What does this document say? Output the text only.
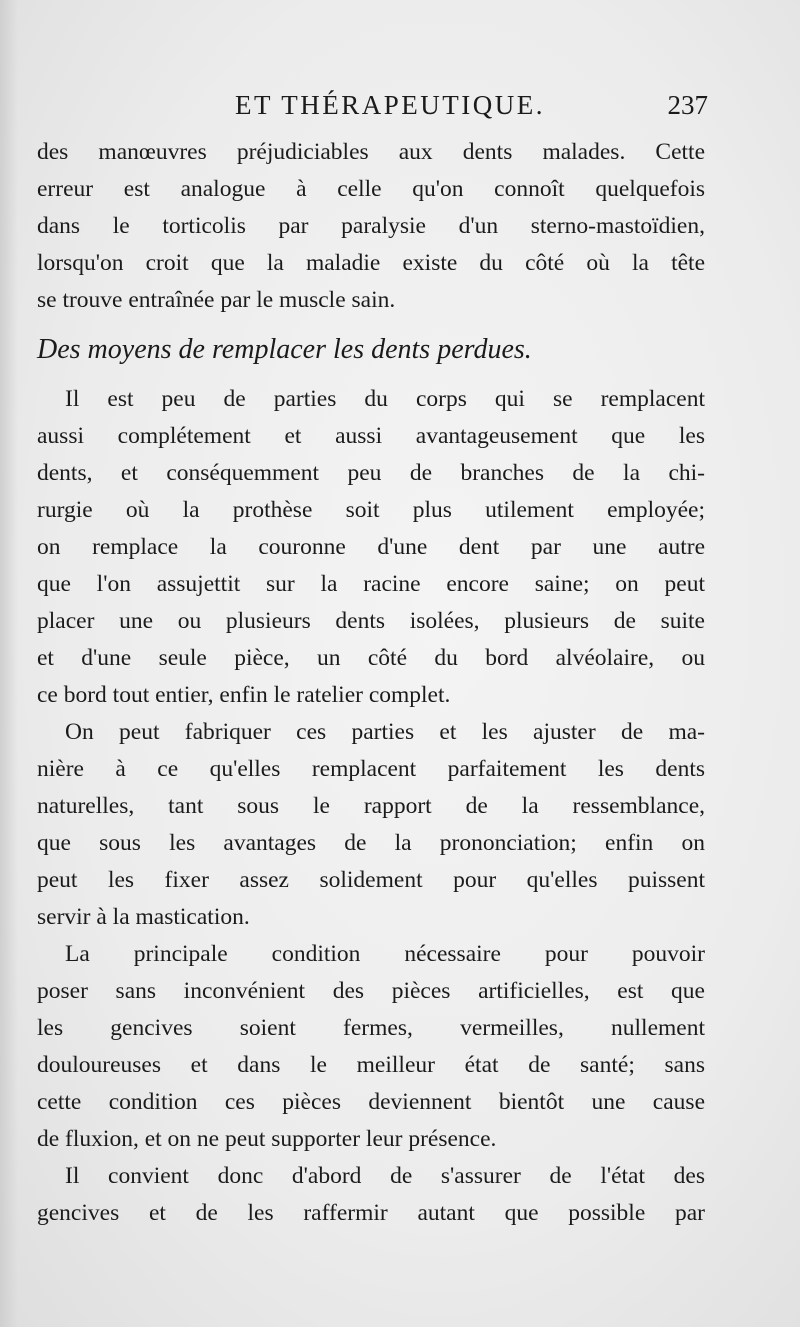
ET THÉRAPEUTIQUE.	237
des manœuvres préjudiciables aux dents malades. Cette
erreur est analogue à celle qu'on connoît quelquefois
dans le torticolis par paralysie d'un sterno-mastoïdien,
lorsqu'on croit que la maladie existe du côté où la tête
se trouve entraînée par le muscle sain.
Des moyens de remplacer les dents perdues.
Il est peu de parties du corps qui se remplacent
aussi complétement et aussi avantageusement que les
dents, et conséquemment peu de branches de la chi-
rurgie où la prothèse soit plus utilement employée;
on remplace la couronne d'une dent par une autre
que l'on assujettit sur la racine encore saine; on peut
placer une ou plusieurs dents isolées, plusieurs de suite
et d'une seule pièce, un côté du bord alvéolaire, ou
ce bord tout entier, enfin le ratelier complet.
On peut fabriquer ces parties et les ajuster de ma-
nière à ce qu'elles remplacent parfaitement les dents
naturelles, tant sous le rapport de la ressemblance,
que sous les avantages de la prononciation; enfin on
peut les fixer assez solidement pour qu'elles puissent
servir à la mastication.
La principale condition nécessaire pour pouvoir
poser sans inconvénient des pièces artificielles, est que
les gencives soient fermes, vermeilles, nullement
douloureuses et dans le meilleur état de santé; sans
cette condition ces pièces deviennent bientôt une cause
de fluxion, et on ne peut supporter leur présence.
Il convient donc d'abord de s'assurer de l'état des
gencives et de les raffermir autant que possible par
